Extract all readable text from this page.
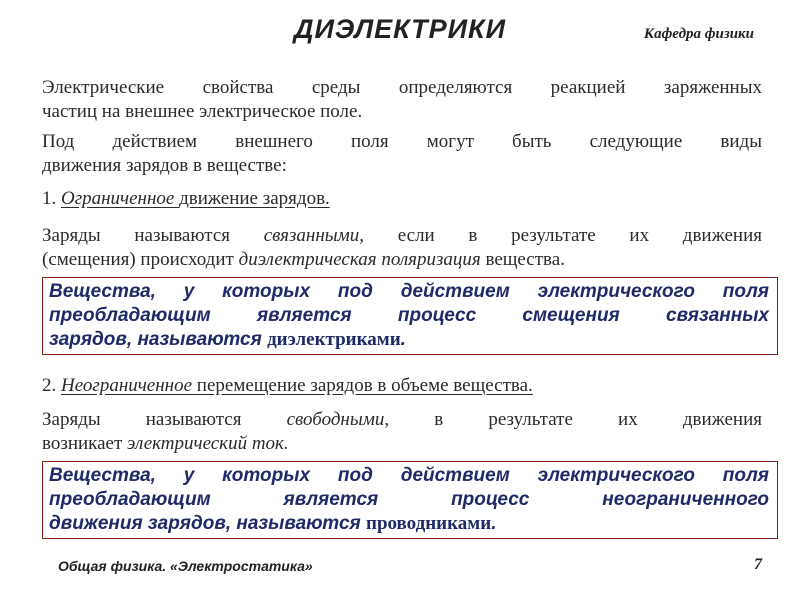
ДИЭЛЕКТРИКИ	Кафедра физики
Электрические свойства среды определяются реакцией заряженных
частиц на внешнее электрическое поле.
Под действием внешнего поля могут быть следующие виды
движения зарядов в веществе:
1. Ограниченное движение зарядов.
Заряды называются связанными, если в результате их движения
(смещения) происходит диэлектрическая поляризация вещества.
Вещества, у которых под действием электрического поля
преобладающим является процесс смещения связанных
зарядов, называются диэлектриками.
2. Неограниченное перемещение зарядов в объеме вещества.
Заряды называются свободными, в результате их движения
возникает электрический ток.
Вещества, у которых под действием электрического поля
преобладающим является процесс неограниченного
движения зарядов, называются проводниками.
Общая физика. «Электростатика»	7
